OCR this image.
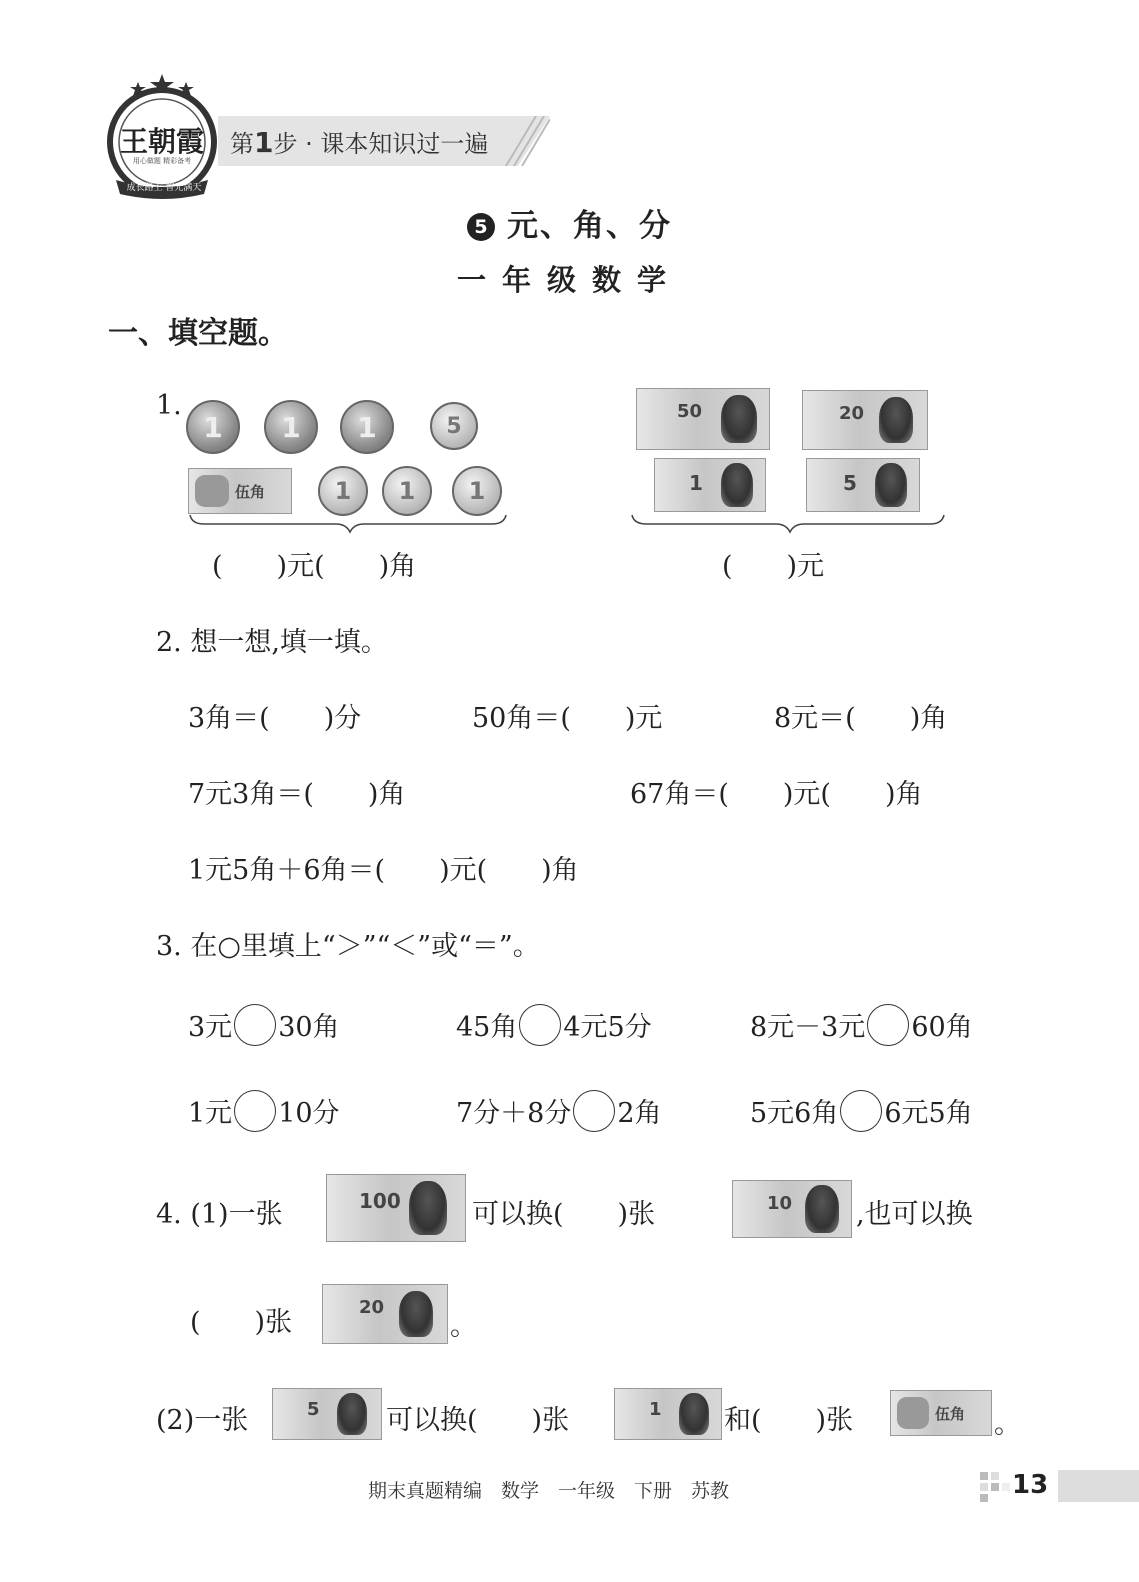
王朝霞
用心做题 精彩备考
成长路上 智光满天
第1步 · 课本知识过一遍
5 元、角、分
一年级数学
一、填空题。
1.
1	1	1	5
伍角	1	1	1
50	20
1	5
(　　)元(　　)角	(　　)元
2. 想一想,填一填。
3角＝(　　)分	50角＝(　　)元	8元＝(　　)角
7元3角＝(　　)角	67角＝(　　)元(　　)角
1元5角＋6角＝(　　)元(　　)角
3. 在○里填上“＞”“＜”或“＝”。
3元 30角	45角 4元5分	8元－3元 60角
1元 10分	7分＋8分 2角	5元6角 6元5角
4. (1)一张	100	可以换(　　)张	10 ,也可以换
(　　)张	20
。
(2)一张	5 可以换(　　)张	1 和(　　)张	伍角 。
期末真题精编　数学　一年级　下册　苏教	13
